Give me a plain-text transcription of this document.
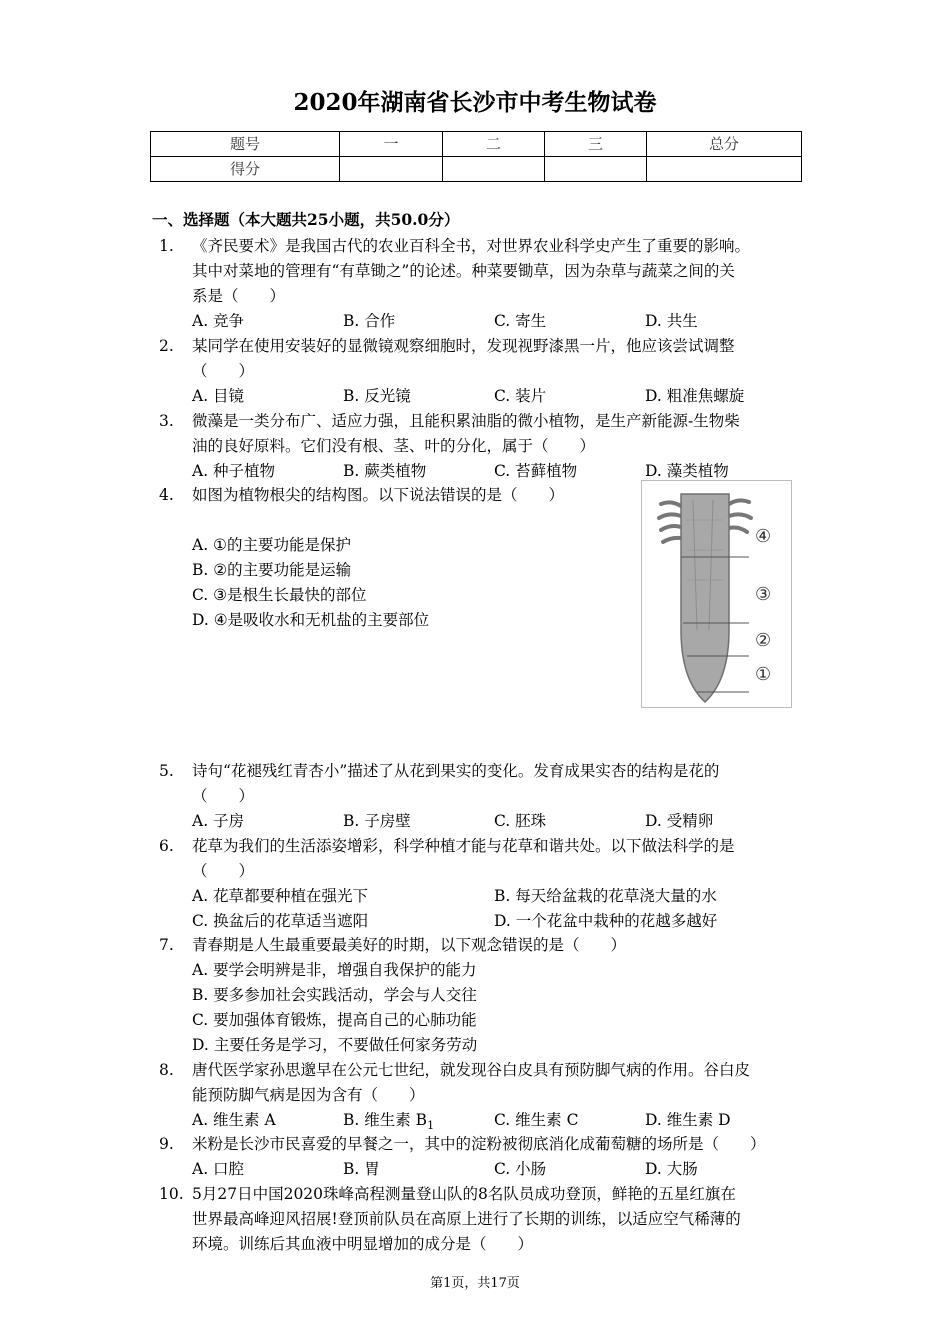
2020年湖南省长沙市中考生物试卷
题号	一	二	三	总分
得分				
一、选择题（本大题共25小题，共50.0分）
1. 《齐民要术》是我国古代的农业百科全书，对世界农业科学史产生了重要的影响。
其中对菜地的管理有“有草锄之”的论述。种菜要锄草，因为杂草与蔬菜之间的关
系是（　　）
A. 竞争	B. 合作	C. 寄生	D. 共生
2. 某同学在使用安装好的显微镜观察细胞时，发现视野漆黑一片，他应该尝试调整
（　　）
A. 目镜	B. 反光镜	C. 装片	D. 粗准焦螺旋
3. 微藻是一类分布广、适应力强，且能积累油脂的微小植物，是生产新能源-生物柴
油的良好原料。它们没有根、茎、叶的分化，属于（　　）
A. 种子植物	B. 蕨类植物	C. 苔藓植物	D. 藻类植物
4. 如图为植物根尖的结构图。以下说法错误的是（　　）
A. ①的主要功能是保护
B. ②的主要功能是运输
C. ③是根生长最快的部位
D. ④是吸收水和无机盐的主要部位
④
③
②
①
5. 诗句“花褪残红青杏小”描述了从花到果实的变化。发育成果实杏的结构是花的
（　　）
A. 子房	B. 子房壁	C. 胚珠	D. 受精卵
6. 花草为我们的生活添姿增彩，科学种植才能与花草和谐共处。以下做法科学的是
（　　）
A. 花草都要种植在强光下	B. 每天给盆栽的花草浇大量的水
C. 换盆后的花草适当遮阳	D. 一个花盆中栽种的花越多越好
7. 青春期是人生最重要最美好的时期，以下观念错误的是（　　）
A. 要学会明辨是非，增强自我保护的能力
B. 要多参加社会实践活动，学会与人交往
C. 要加强体育锻炼，提高自己的心肺功能
D. 主要任务是学习，不要做任何家务劳动
8. 唐代医学家孙思邈早在公元七世纪，就发现谷白皮具有预防脚气病的作用。谷白皮
能预防脚气病是因为含有（　　）
A. 维生素 A	B. 维生素 $B_1$	C. 维生素 C	D. 维生素 D
9. 米粉是长沙市民喜爱的早餐之一，其中的淀粉被彻底消化成葡萄糖的场所是（　　）
A. 口腔	B. 胃	C. 小肠	D. 大肠
10. 5月27日中国2020珠峰高程测量登山队的8名队员成功登顶，鲜艳的五星红旗在
世界最高峰迎风招展!登顶前队员在高原上进行了长期的训练，以适应空气稀薄的
环境。训练后其血液中明显增加的成分是（　　）
第1页，共17页
